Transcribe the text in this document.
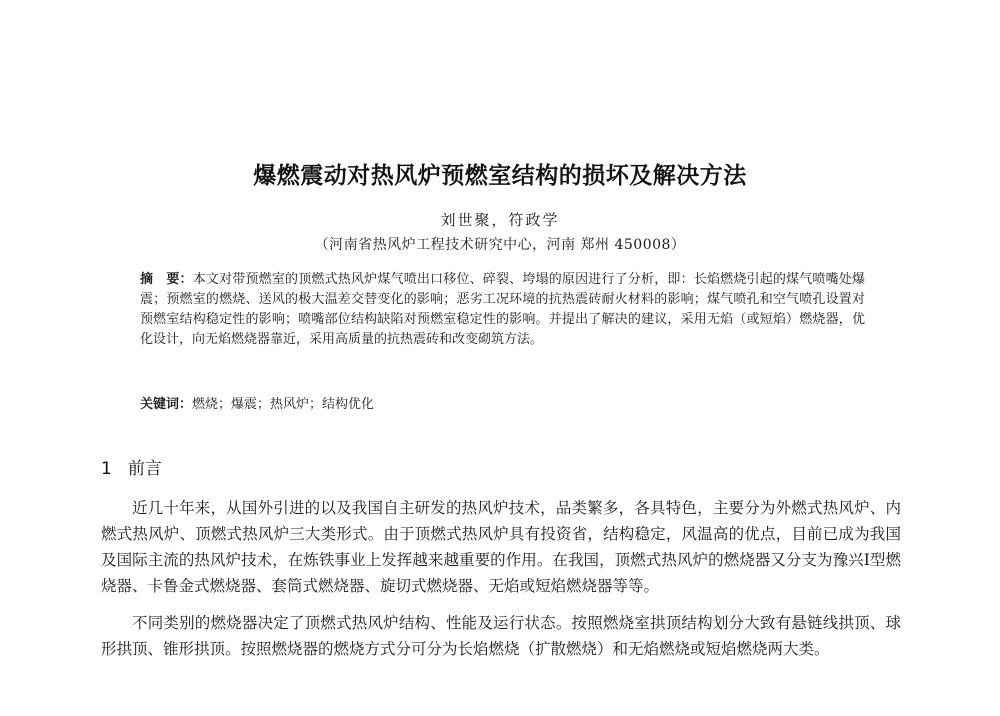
爆燃震动对热风炉预燃室结构的损坏及解决方法
刘世聚，符政学
（河南省热风炉工程技术研究中心，河南 郑州 450008）
摘　要：本文对带预燃室的顶燃式热风炉煤气喷出口移位、碎裂、垮塌的原因进行了分析，即：长焰燃烧引起的煤气喷嘴处爆震；预燃室的燃烧、送风的极大温差交替变化的影响；恶劣工况环境的抗热震砖耐火材料的影响；煤气喷孔和空气喷孔设置对预燃室结构稳定性的影响；喷嘴部位结构缺陷对预燃室稳定性的影响。并提出了解决的建议，采用无焰（或短焰）燃烧器，优化设计，向无焰燃烧器靠近，采用高质量的抗热震砖和改变砌筑方法。
关键词：燃烧；爆震；热风炉；结构优化
1 前言

近几十年来，从国外引进的以及我国自主研发的热风炉技术，品类繁多，各具特色，主要分为外燃式热风炉、内燃式热风炉、顶燃式热风炉三大类形式。由于顶燃式热风炉具有投资省，结构稳定，风温高的优点，目前已成为我国及国际主流的热风炉技术，在炼铁事业上发挥越来越重要的作用。在我国，顶燃式热风炉的燃烧器又分支为豫兴Ⅰ型燃烧器、卡鲁金式燃烧器、套筒式燃烧器、旋切式燃烧器、无焰或短焰燃烧器等等。

不同类别的燃烧器决定了顶燃式热风炉结构、性能及运行状态。按照燃烧室拱顶结构划分大致有悬链线拱顶、球形拱顶、锥形拱顶。按照燃烧器的燃烧方式分可分为长焰燃烧（扩散燃烧）和无焰燃烧或短焰燃烧两大类。
